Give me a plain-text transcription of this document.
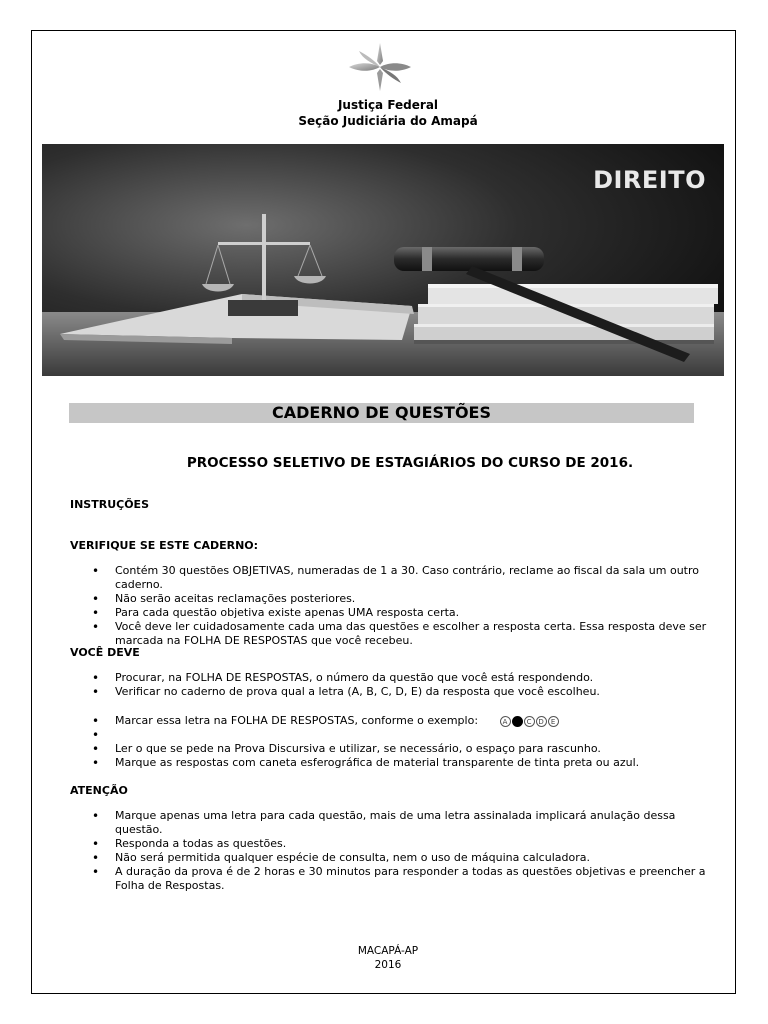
Justiça Federal
Seção Judiciária do Amapá
DIREITO
CADERNO DE QUESTÕES
PROCESSO SELETIVO DE ESTAGIÁRIOS DO CURSO DE 2016.
INSTRUÇÕES
VERIFIQUE SE ESTE CADERNO:
• Contém 30 questões OBJETIVAS, numeradas de 1 a 30. Caso contrário, reclame ao fiscal da sala um outro caderno.
• Não serão aceitas reclamações posteriores.
• Para cada questão objetiva existe apenas UMA resposta certa.
• Você deve ler cuidadosamente cada uma das questões e escolher a resposta certa. Essa resposta deve ser marcada na FOLHA DE RESPOSTAS que você recebeu.
VOCÊ DEVE
• Procurar, na FOLHA DE RESPOSTAS, o número da questão que você está respondendo.
• Verificar no caderno de prova qual a letra (A, B, C, D, E) da resposta que você escolheu.
• Marcar essa letra na FOLHA DE RESPOSTAS, conforme o exemplo:	A	C D	E
•
• Ler o que se pede na Prova Discursiva e utilizar, se necessário, o espaço para rascunho.
• Marque as respostas com caneta esferográfica de material transparente de tinta preta ou azul.
ATENÇÃO
• Marque apenas uma letra para cada questão, mais de uma letra assinalada implicará anulação dessa questão.
• Responda a todas as questões.
• Não será permitida qualquer espécie de consulta, nem o uso de máquina calculadora.
• A duração da prova é de 2 horas e 30 minutos para responder a todas as questões objetivas e preencher a Folha de Respostas.
MACAPÁ-AP
2016
